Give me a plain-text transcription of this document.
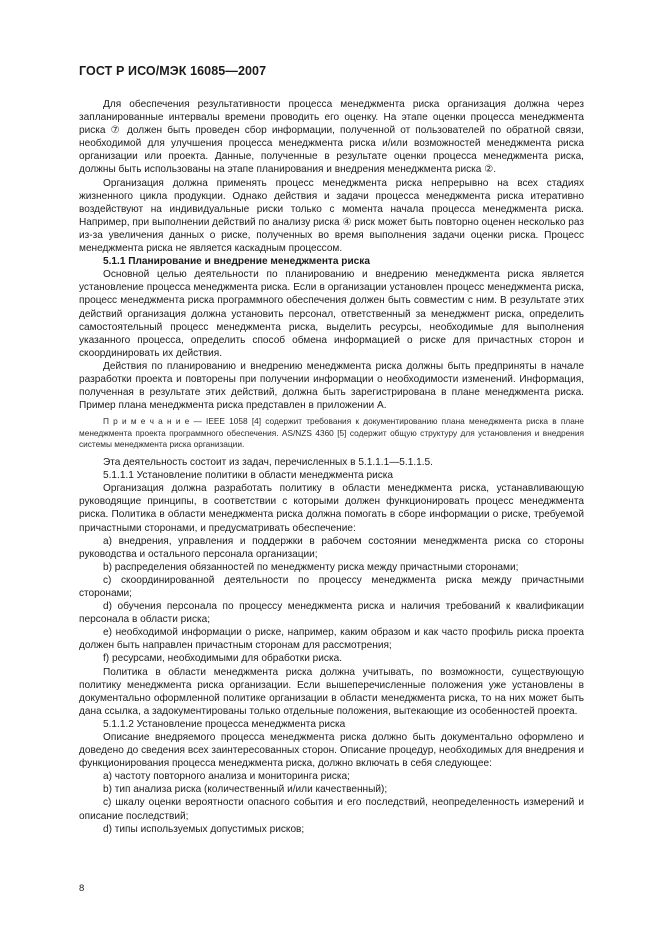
ГОСТ Р ИСО/МЭК 16085—2007

Для обеспечения результативности процесса менеджмента риска организация должна через запланированные интервалы времени проводить его оценку. На этапе оценки процесса менеджмента риска ⑦ должен быть проведен сбор информации, полученной от пользователей по обратной связи, необходимой для улучшения процесса менеджмента риска и/или возможностей менеджмента риска организации или проекта. Данные, полученные в результате оценки процесса менеджмента риска, должны быть использованы на этапе планирования и внедрения менеджмента риска ②.

Организация должна применять процесс менеджмента риска непрерывно на всех стадиях жизненного цикла продукции. Однако действия и задачи процесса менеджмента риска итеративно воздействуют на индивидуальные риски только с момента начала процесса менеджмента риска. Например, при выполнении действий по анализу риска ④ риск может быть повторно оценен несколько раз из-за увеличения данных о риске, полученных во время выполнения задачи оценки риска. Процесс менеджмента риска не является каскадным процессом.

5.1.1 Планирование и внедрение менеджмента риска

Основной целью деятельности по планированию и внедрению менеджмента риска является установление процесса менеджмента риска. Если в организации установлен процесс менеджмента риска, процесс менеджмента риска программного обеспечения должен быть совместим с ним. В результате этих действий организация должна установить персонал, ответственный за менеджмент риска, определить самостоятельный процесс менеджмента риска, выделить ресурсы, необходимые для выполнения указанного процесса, определить способ обмена информацией о риске для причастных сторон и скоординировать их действия.

Действия по планированию и внедрению менеджмента риска должны быть предприняты в начале разработки проекта и повторены при получении информации о необходимости изменений. Информация, полученная в результате этих действий, должна быть зарегистрирована в плане менеджмента риска. Пример плана менеджмента риска представлен в приложении А.

П р и м е ч а н и е — IEEE 1058 [4] содержит требования к документированию плана менеджмента риска в плане менеджмента проекта программного обеспечения. AS/NZS 4360 [5] содержит общую структуру для установления и внедрения системы менеджмента риска организации.

Эта деятельность состоит из задач, перечисленных в 5.1.1.1—5.1.1.5.

5.1.1.1 Установление политики в области менеджмента риска

Организация должна разработать политику в области менеджмента риска, устанавливающую руководящие принципы, в соответствии с которыми должен функционировать процесс менеджмента риска. Политика в области менеджмента риска должна помогать в сборе информации о риске, требуемой причастными сторонами, и предусматривать обеспечение:

a) внедрения, управления и поддержки в рабочем состоянии менеджмента риска со стороны руководства и остального персонала организации;

b) распределения обязанностей по менеджменту риска между причастными сторонами;

c) скоординированной деятельности по процессу менеджмента риска между причастными сторонами;

d) обучения персонала по процессу менеджмента риска и наличия требований к квалификации персонала в области риска;

e) необходимой информации о риске, например, каким образом и как часто профиль риска проекта должен быть направлен причастным сторонам для рассмотрения;

f) ресурсами, необходимыми для обработки риска.

Политика в области менеджмента риска должна учитывать, по возможности, существующую политику менеджмента риска организации. Если вышеперечисленные положения уже установлены в документально оформленной политике организации в области менеджмента риска, то на них может быть дана ссылка, а задокументированы только отдельные положения, вытекающие из особенностей проекта.

5.1.1.2 Установление процесса менеджмента риска

Описание внедряемого процесса менеджмента риска должно быть документально оформлено и доведено до сведения всех заинтересованных сторон. Описание процедур, необходимых для внедрения и функционирования процесса менеджмента риска, должно включать в себя следующее:

a) частоту повторного анализа и мониторинга риска;

b) тип анализа риска (количественный и/или качественный);

c) шкалу оценки вероятности опасного события и его последствий, неопределенность измерений и описание последствий;

d) типы используемых допустимых рисков;

8
